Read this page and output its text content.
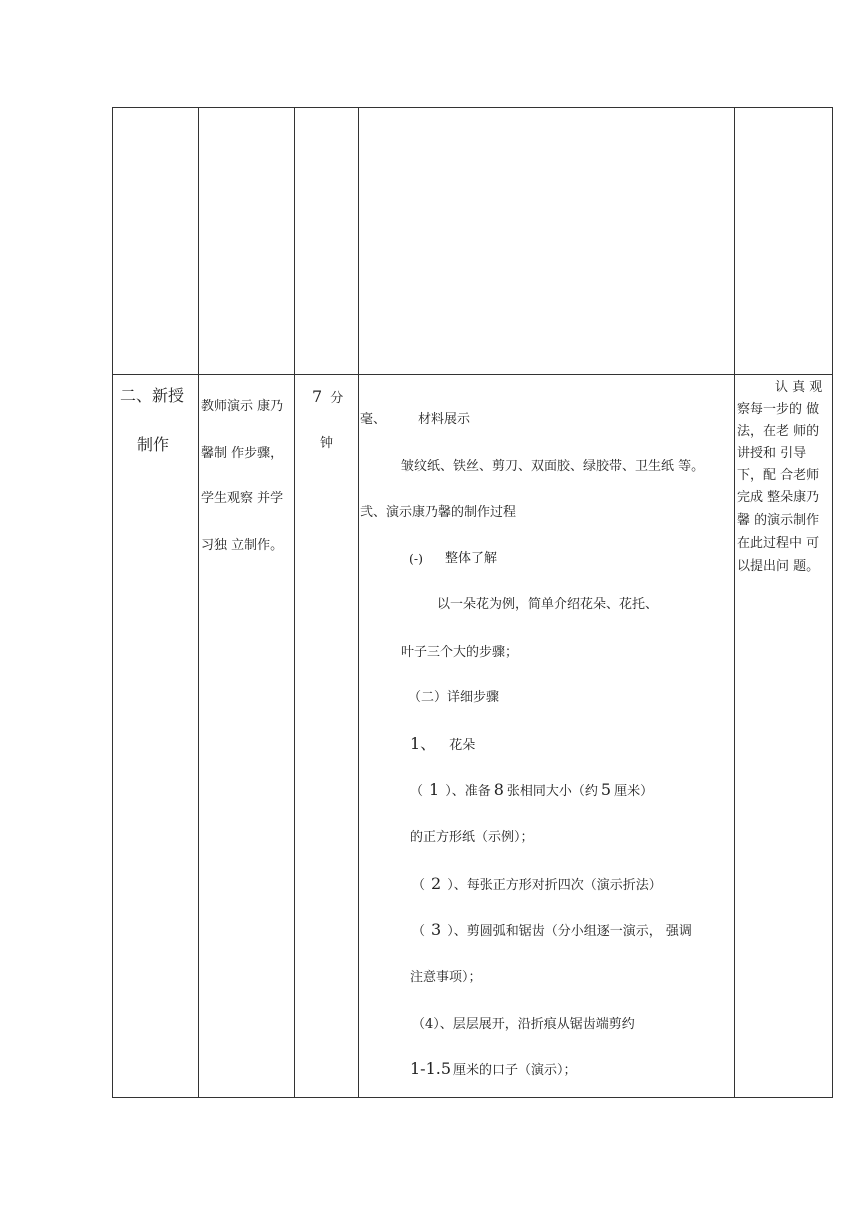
二、新授
制作
教师演示 康乃
馨制 作步骤，
学生观察 并学
习独 立制作。
7 分
钟
毫、 材料展示
皱纹纸、铁丝、剪刀、双面胶、绿胶带、卫生纸 等。
弐、演示康乃馨的制作过程
(-) 整体了解
以一朵花为例，简单介绍花朵、花托、
叶子三个大的步骤；
（二）详细步骤
1、 花朵
（ 1 ）、准备 8 张相同大小（约 5 厘米）
的正方形纸（示例）；
（ 2 ）、每张正方形对折四次（演示折法）
（ 3 ）、剪圆弧和锯齿（分小组逐一演示， 强调
注意事项）；
（4）、层层展开，沿折痕从锯齿端剪约
1-1.5 厘米的口子（演示）；
认 真 观
察每一步的 做
法，在老 师的
讲授和 引导
下，配 合老师
完成 整朵康乃
馨 的演示制作
在此过程中 可
以提出问 题。
